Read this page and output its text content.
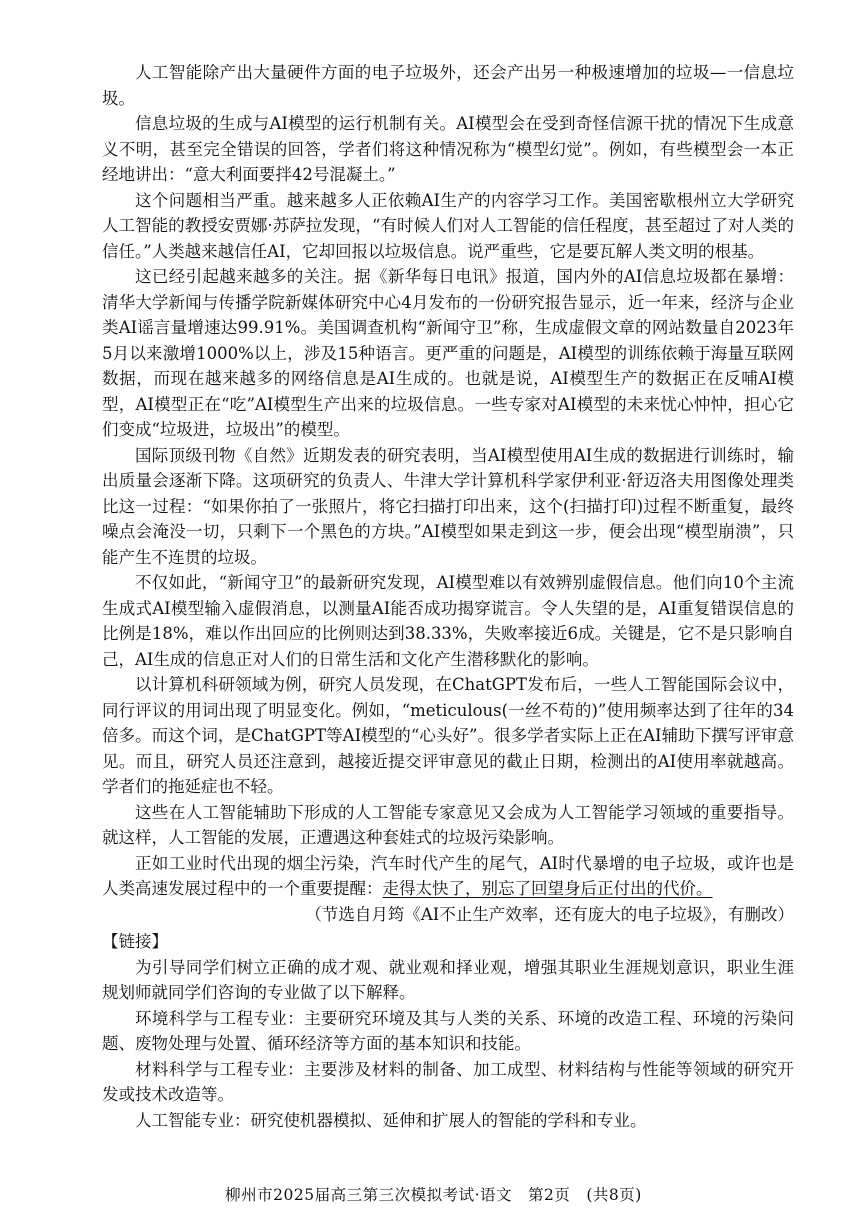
人工智能除产出大量硬件方面的电子垃圾外，还会产出另一种极速增加的垃圾—一信息垃圾。

信息垃圾的生成与AI模型的运行机制有关。AI模型会在受到奇怪信源干扰的情况下生成意义不明，甚至完全错误的回答，学者们将这种情况称为“模型幻觉”。例如，有些模型会一本正经地讲出：“意大利面要拌42号混凝土。”

这个问题相当严重。越来越多人正依赖AI生产的内容学习工作。美国密歇根州立大学研究人工智能的教授安贾娜·苏萨拉发现，“有时候人们对人工智能的信任程度，甚至超过了对人类的信任。”人类越来越信任AI，它却回报以垃圾信息。说严重些，它是要瓦解人类文明的根基。

这已经引起越来越多的关注。据《新华每日电讯》报道，国内外的AI信息垃圾都在暴增：清华大学新闻与传播学院新媒体研究中心4月发布的一份研究报告显示，近一年来，经济与企业类AI谣言量增速达99.91%。美国调查机构“新闻守卫”称，生成虚假文章的网站数量自2023年5月以来激增1000%以上，涉及15种语言。更严重的问题是，AI模型的训练依赖于海量互联网数据，而现在越来越多的网络信息是AI生成的。也就是说，AI模型生产的数据正在反哺AI模型，AI模型正在“吃”AI模型生产出来的垃圾信息。一些专家对AI模型的未来忧心忡忡，担心它们变成“垃圾进，垃圾出”的模型。

国际顶级刊物《自然》近期发表的研究表明，当AI模型使用AI生成的数据进行训练时，输出质量会逐渐下降。这项研究的负责人、牛津大学计算机科学家伊利亚·舒迈洛夫用图像处理类比这一过程：“如果你拍了一张照片，将它扫描打印出来，这个(扫描打印)过程不断重复，最终噪点会淹没一切，只剩下一个黑色的方块。”AI模型如果走到这一步，便会出现“模型崩溃”，只能产生不连贯的垃圾。

不仅如此，“新闻守卫”的最新研究发现，AI模型难以有效辨别虚假信息。他们向10个主流生成式AI模型输入虚假消息，以测量AI能否成功揭穿谎言。令人失望的是，AI重复错误信息的比例是18%，难以作出回应的比例则达到38.33%，失败率接近6成。关键是，它不是只影响自己，AI生成的信息正对人们的日常生活和文化产生潜移默化的影响。

以计算机科研领域为例，研究人员发现，在ChatGPT发布后，一些人工智能国际会议中，同行评议的用词出现了明显变化。例如，“meticulous(一丝不苟的)”使用频率达到了往年的34倍多。而这个词，是ChatGPT等AI模型的“心头好”。很多学者实际上正在AI辅助下撰写评审意见。而且，研究人员还注意到，越接近提交评审意见的截止日期，检测出的AI使用率就越高。学者们的拖延症也不轻。

这些在人工智能辅助下形成的人工智能专家意见又会成为人工智能学习领域的重要指导。就这样，人工智能的发展，正遭遇这种套娃式的垃圾污染影响。

正如工业时代出现的烟尘污染，汽车时代产生的尾气，AI时代暴增的电子垃圾，或许也是人类高速发展过程中的一个重要提醒：走得太快了，别忘了回望身后正付出的代价。

（节选自月筠《AI不止生产效率，还有庞大的电子垃圾》，有删改）

【链接】

为引导同学们树立正确的成才观、就业观和择业观，增强其职业生涯规划意识，职业生涯规划师就同学们咨询的专业做了以下解释。

环境科学与工程专业：主要研究环境及其与人类的关系、环境的改造工程、环境的污染问题、废物处理与处置、循环经济等方面的基本知识和技能。

材料科学与工程专业：主要涉及材料的制备、加工成型、材料结构与性能等领域的研究开发或技术改造等。

人工智能专业：研究使机器模拟、延伸和扩展人的智能的学科和专业。

柳州市2025届高三第三次模拟考试·语文　第2页　(共8页)
